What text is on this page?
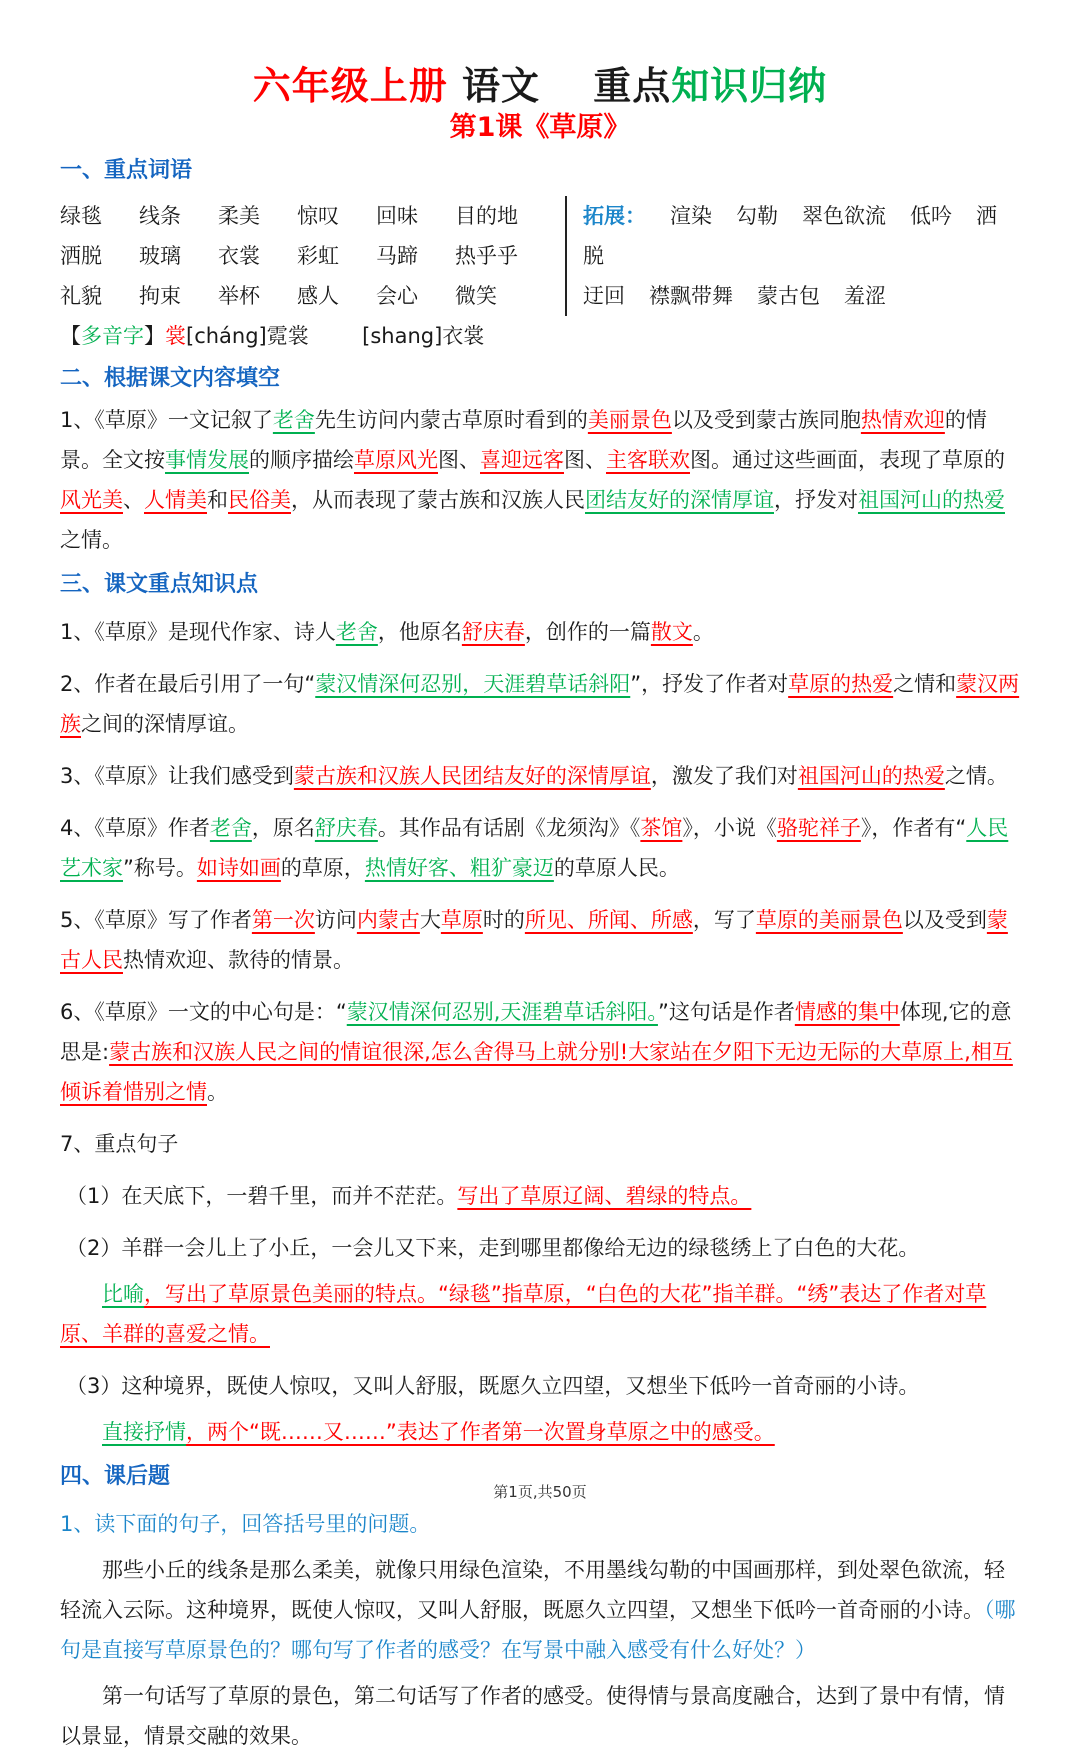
六年级上册 语文　 重点知识归纳
第1课《草原》
一、重点词语
绿毯 线条 柔美 惊叹 回味 目的地
洒脱 玻璃 衣裳 彩虹 马蹄 热乎乎
礼貌 拘束 举杯 感人 会心 微笑
拓展： 渲染 勾勒 翠色欲流 低吟 洒脱
迂回 襟飘带舞 蒙古包 羞涩
【多音字】裳[cháng]霓裳        [shang]衣裳
二、根据课文内容填空
1、《草原》一文记叙了老舍先生访问内蒙古草原时看到的美丽景色以及受到蒙古族同胞热情欢迎的情景。全文按事情发展的顺序描绘草原风光图、喜迎远客图、主客联欢图。通过这些画面，表现了草原的风光美、人情美和民俗美，从而表现了蒙古族和汉族人民团结友好的深情厚谊，抒发对祖国河山的热爱之情。
三、课文重点知识点
1、《草原》是现代作家、诗人老舍，他原名舒庆春，创作的一篇散文。
2、作者在最后引用了一句“蒙汉情深何忍别，天涯碧草话斜阳”，抒发了作者对草原的热爱之情和蒙汉两族之间的深情厚谊。
3、《草原》让我们感受到蒙古族和汉族人民团结友好的深情厚谊，激发了我们对祖国河山的热爱之情。
4、《草原》作者老舍，原名舒庆春。其作品有话剧《龙须沟》《茶馆》，小说《骆驼祥子》，作者有“人民艺术家”称号。如诗如画的草原，热情好客、粗犷豪迈的草原人民。
5、《草原》写了作者第一次访问内蒙古大草原时的所见、所闻、所感，写了草原的美丽景色以及受到蒙古人民热情欢迎、款待的情景。
6、《草原》一文的中心句是：“蒙汉情深何忍别,天涯碧草话斜阳。”这句话是作者情感的集中体现,它的意思是:蒙古族和汉族人民之间的情谊很深,怎么舍得马上就分别!大家站在夕阳下无边无际的大草原上,相互倾诉着惜别之情。
7、重点句子
（1）在天底下，一碧千里，而并不茫茫。写出了草原辽阔、碧绿的特点。
（2）羊群一会儿上了小丘，一会儿又下来，走到哪里都像给无边的绿毯绣上了白色的大花。
比喻，写出了草原景色美丽的特点。“绿毯”指草原，“白色的大花”指羊群。“绣”表达了作者对草原、羊群的喜爱之情。
（3）这种境界，既使人惊叹，又叫人舒服，既愿久立四望，又想坐下低吟一首奇丽的小诗。
直接抒情，两个“既……又……”表达了作者第一次置身草原之中的感受。
四、课后题
1、读下面的句子，回答括号里的问题。
那些小丘的线条是那么柔美，就像只用绿色渲染，不用墨线勾勒的中国画那样，到处翠色欲流，轻轻流入云际。这种境界，既使人惊叹，又叫人舒服，既愿久立四望，又想坐下低吟一首奇丽的小诗。（哪句是直接写草原景色的？哪句写了作者的感受？在写景中融入感受有什么好处？）
第一句话写了草原的景色，第二句话写了作者的感受。使得情与景高度融合，达到了景中有情，情以景显，情景交融的效果。
第1页,共50页
